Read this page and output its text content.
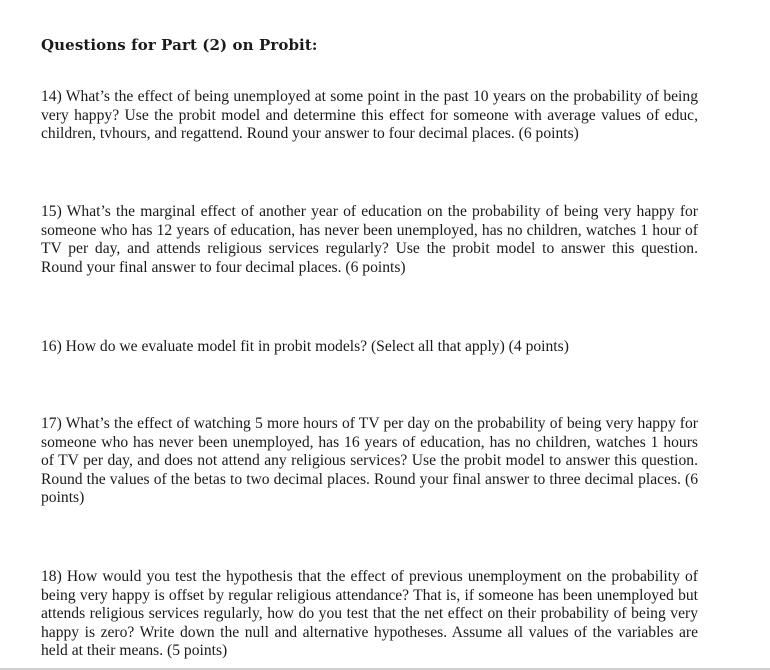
Questions for Part (2) on Probit:

14) What’s the effect of being unemployed at some point in the past 10 years on the probability of being very happy? Use the probit model and determine this effect for someone with average values of educ, children, tvhours, and regattend. Round your answer to four decimal places. (6 points)

15) What’s the marginal effect of another year of education on the probability of being very happy for someone who has 12 years of education, has never been unemployed, has no children, watches 1 hour of TV per day, and attends religious services regularly? Use the probit model to answer this question. Round your final answer to four decimal places. (6 points)

16) How do we evaluate model fit in probit models? (Select all that apply) (4 points)

17) What’s the effect of watching 5 more hours of TV per day on the probability of being very happy for someone who has never been unemployed, has 16 years of education, has no children, watches 1 hours of TV per day, and does not attend any religious services? Use the probit model to answer this question. Round the values of the betas to two decimal places. Round your final answer to three decimal places. (6 points)

18) How would you test the hypothesis that the effect of previous unemployment on the probability of being very happy is offset by regular religious attendance? That is, if someone has been unemployed but attends religious services regularly, how do you test that the net effect on their probability of being very happy is zero? Write down the null and alternative hypotheses. Assume all values of the variables are held at their means. (5 points)
